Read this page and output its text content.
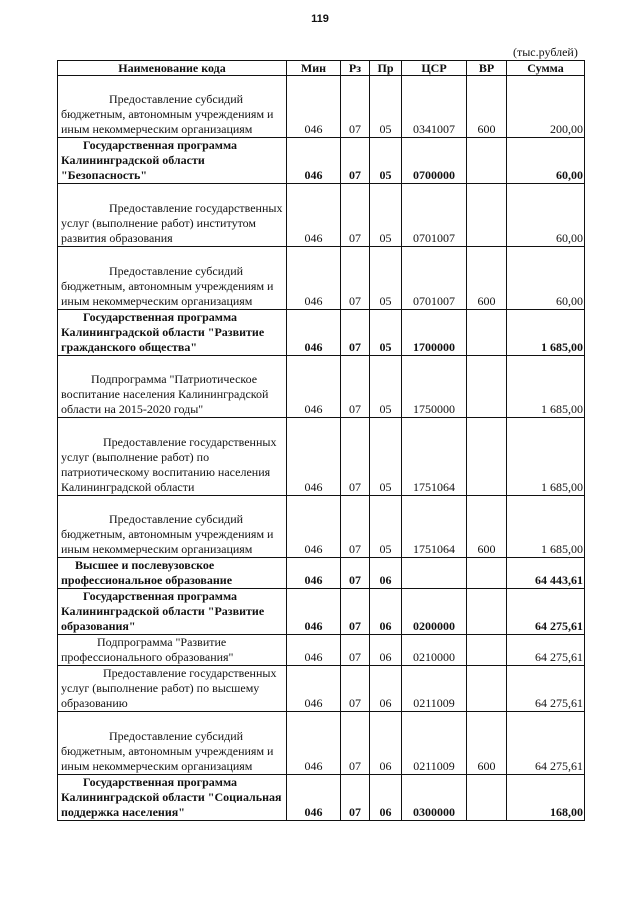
119
(тыс.рублей)
Наименование кода	Мин	Рз	Пр	ЦСР	ВР	Сумма
Предоставление субсидий бюджетным, автономным учреждениям и иным некоммерческим организациям	046	07	05	0341007	600	200,00
Государственная программа Калининградской области "Безопасность"	046	07	05	0700000		60,00
Предоставление государственных услуг (выполнение работ) институтом развития образования	046	07	05	0701007		60,00
Предоставление субсидий бюджетным, автономным учреждениям и иным некоммерческим организациям	046	07	05	0701007	600	60,00
Государственная программа Калининградской области "Развитие гражданского общества"	046	07	05	1700000		1 685,00
Подпрограмма "Патриотическое воспитание населения Калининградской области на 2015-2020 годы"	046	07	05	1750000		1 685,00
Предоставление государственных услуг (выполнение работ) по патриотическому воспитанию населения Калининградской области	046	07	05	1751064		1 685,00
Предоставление субсидий бюджетным, автономным учреждениям и иным некоммерческим организациям	046	07	05	1751064	600	1 685,00
Высшее и послевузовское профессиональное образование	046	07	06			64 443,61
Государственная программа Калининградской области "Развитие образования"	046	07	06	0200000		64 275,61
Подпрограмма "Развитие профессионального образования"	046	07	06	0210000		64 275,61
Предоставление государственных услуг (выполнение работ) по высшему образованию	046	07	06	0211009		64 275,61
Предоставление субсидий бюджетным, автономным учреждениям и иным некоммерческим организациям	046	07	06	0211009	600	64 275,61
Государственная программа Калининградской области "Социальная поддержка населения"	046	07	06	0300000		168,00
